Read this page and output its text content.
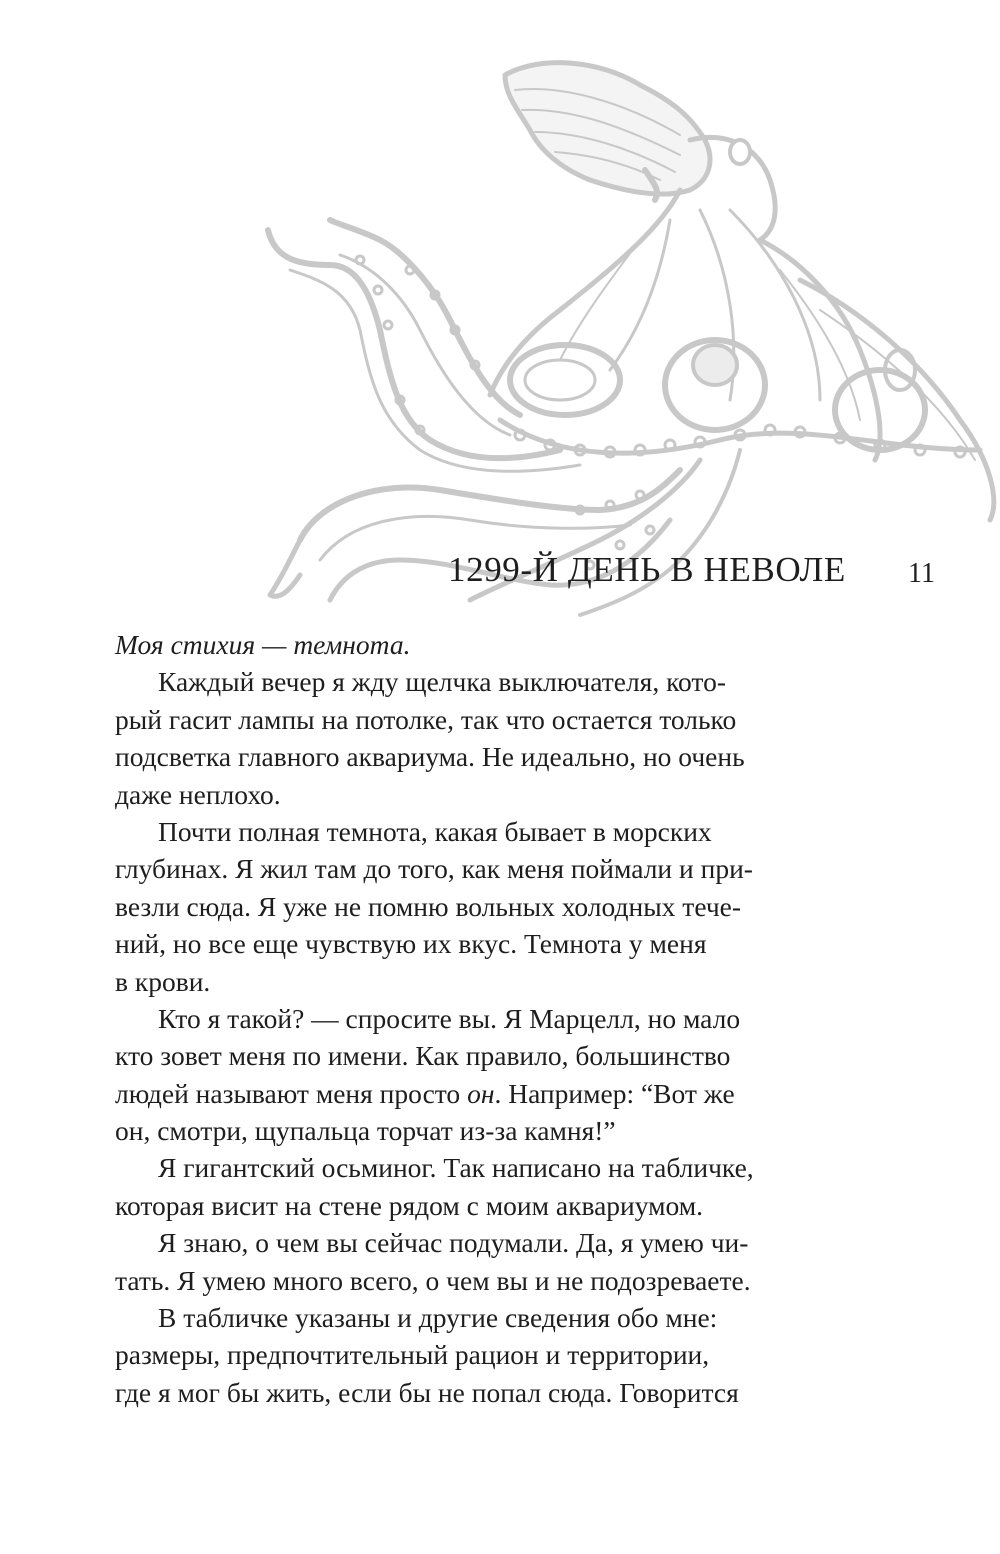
1299-Й ДЕНЬ В НЕВОЛЕ 11
Моя стихия — темнота.
Каждый вечер я жду щелчка выключателя, кото-
рый гасит лампы на потолке, так что остается только
подсветка главного аквариума. Не идеально, но очень
даже неплохо.
Почти полная темнота, какая бывает в морских
глубинах. Я жил там до того, как меня поймали и при-
везли сюда. Я уже не помню вольных холодных тече-
ний, но все еще чувствую их вкус. Темнота у меня
в крови.
Кто я такой? — спросите вы. Я Марцелл, но мало
кто зовет меня по имени. Как правило, большинство
людей называют меня просто он. Например: “Вот же
он, смотри, щупальца торчат из-за камня!”
Я гигантский осьминог. Так написано на табличке,
которая висит на стене рядом с моим аквариумом.
Я знаю, о чем вы сейчас подумали. Да, я умею чи-
тать. Я умею много всего, о чем вы и не подозреваете.
В табличке указаны и другие сведения обо мне:
размеры, предпочтительный рацион и территории,
где я мог бы жить, если бы не попал сюда. Говорится
